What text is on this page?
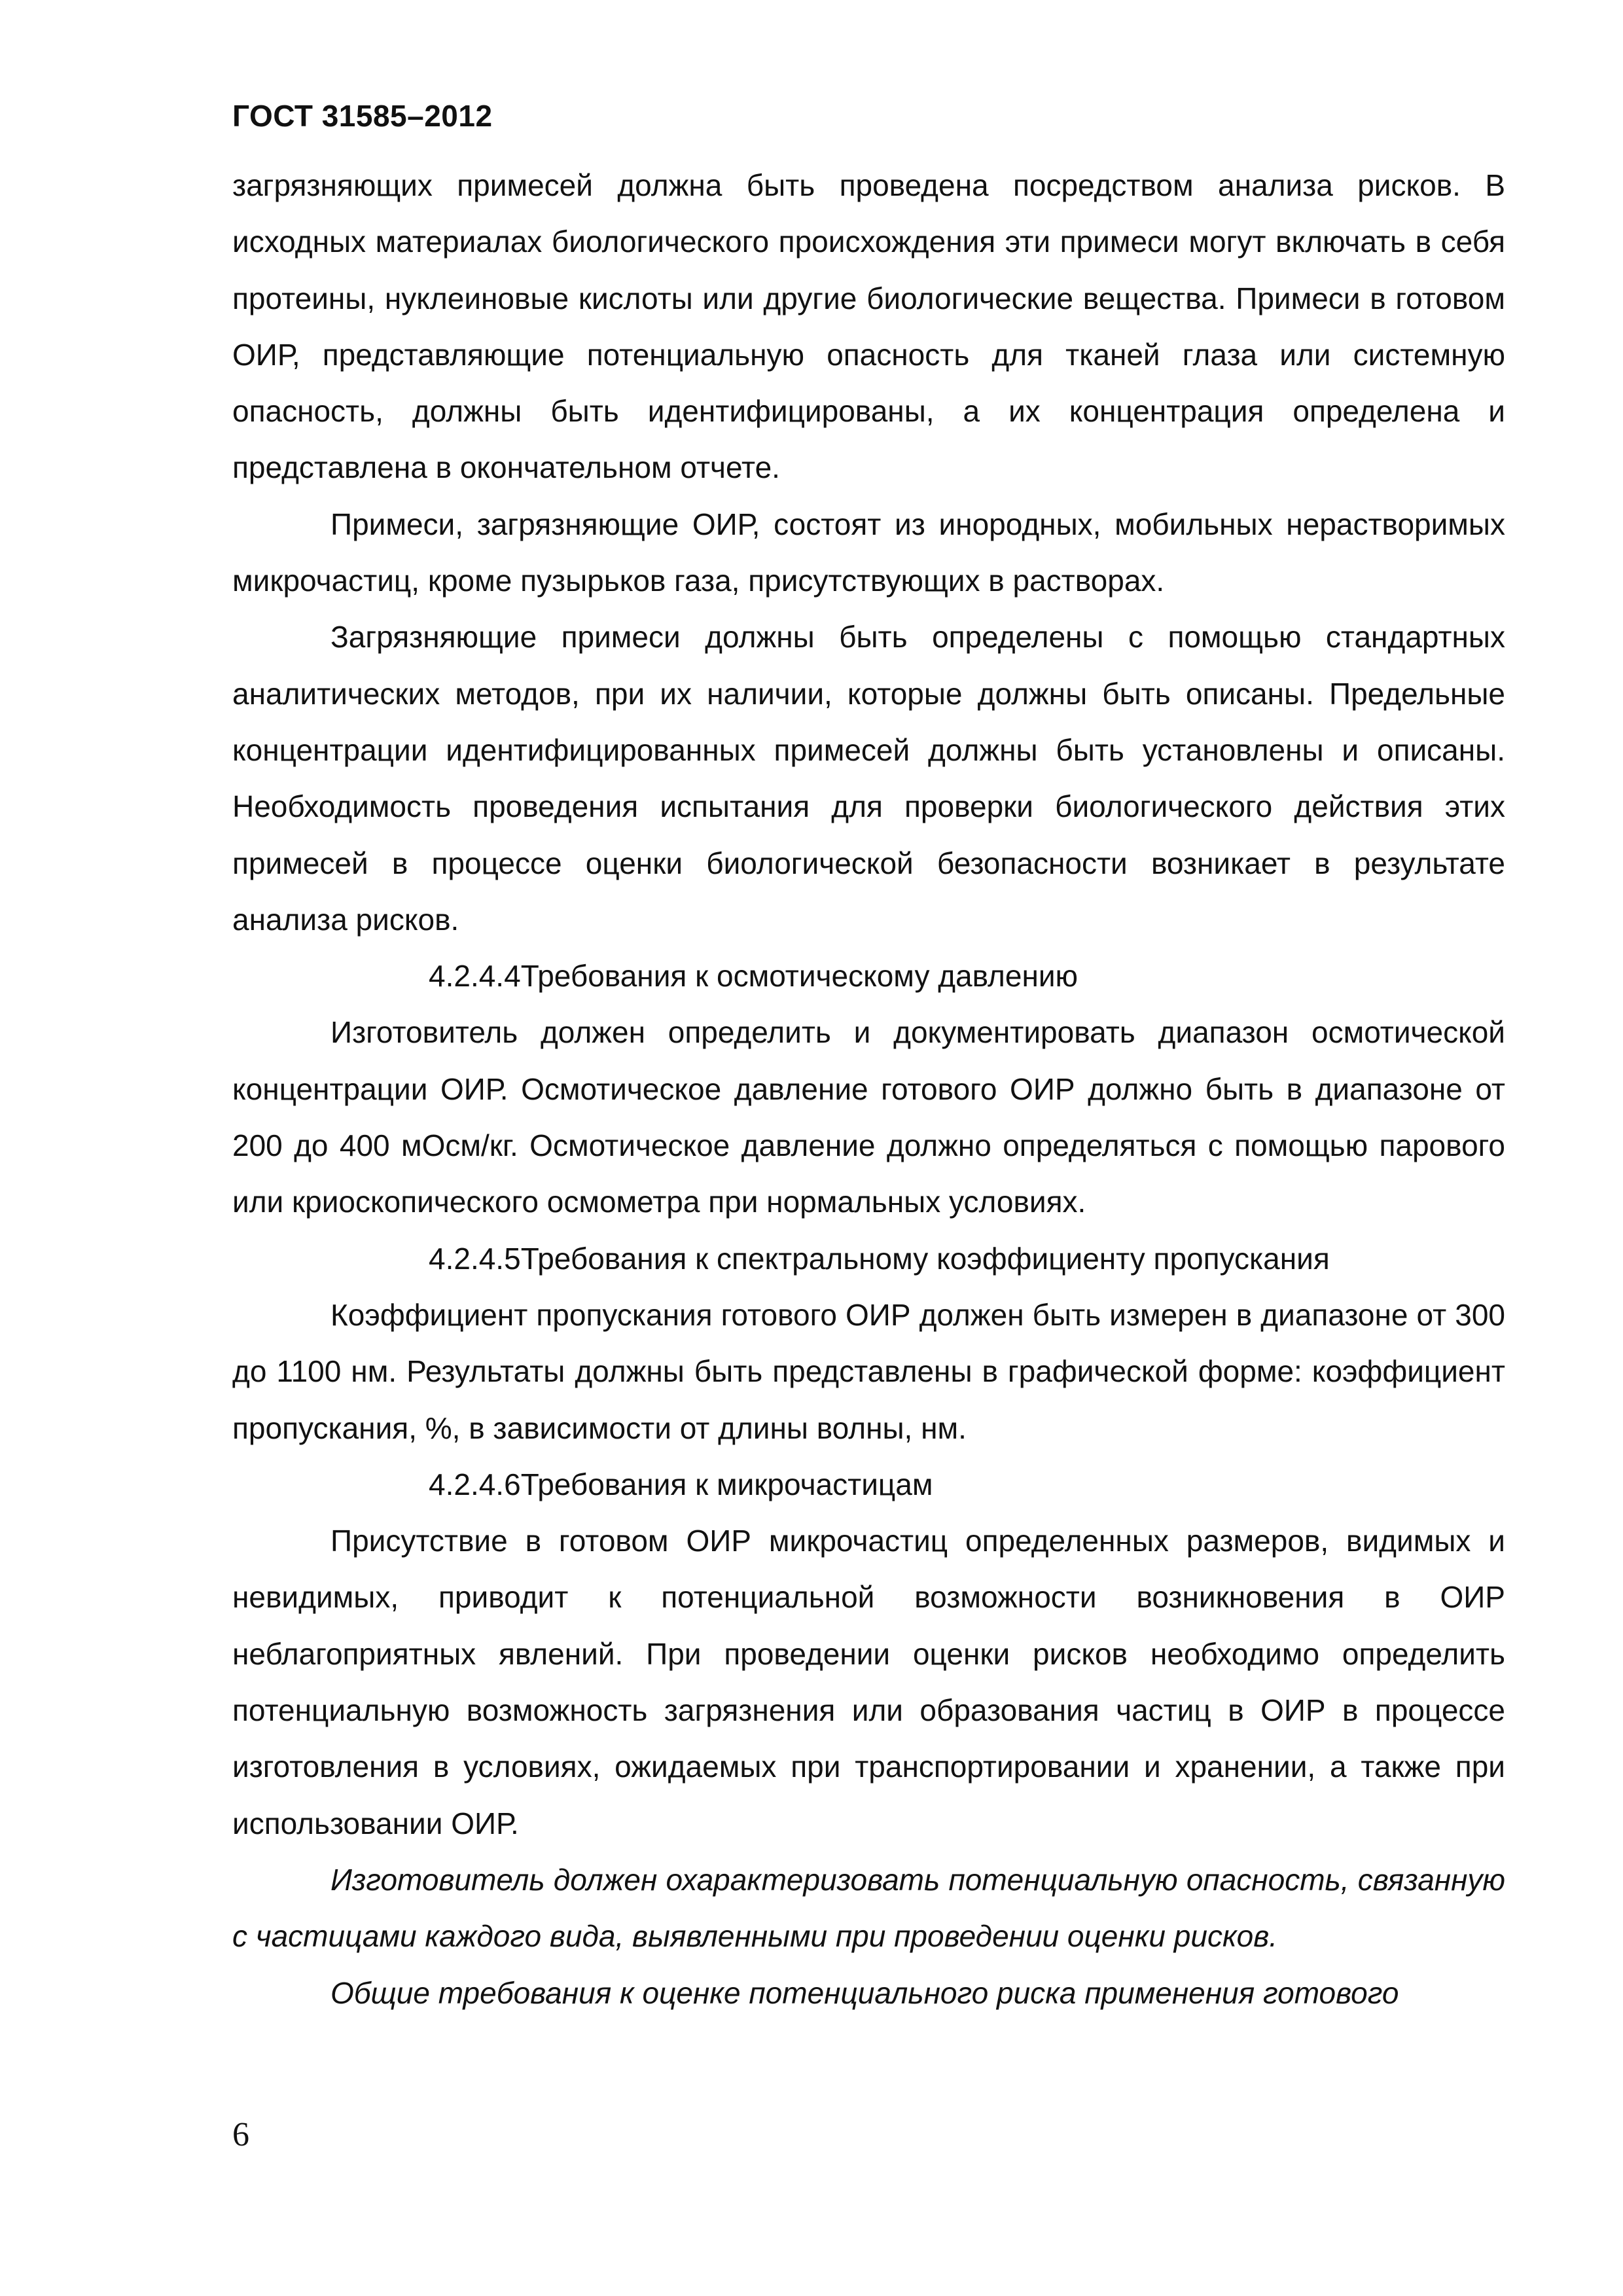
ГОСТ 31585–2012

загрязняющих примесей должна быть проведена посредством анализа рисков. В исходных материалах биологического происхождения эти примеси могут включать в себя протеины, нуклеиновые кислоты или другие биологические вещества. Примеси в готовом ОИР, представляющие потенциальную опасность для тканей глаза или системную опасность, должны быть идентифицированы, а их концентрация определена и представлена в окончательном отчете.

Примеси, загрязняющие ОИР, состоят из инородных, мобильных нерастворимых микрочастиц, кроме пузырьков газа, присутствующих в растворах.

Загрязняющие примеси должны быть определены с помощью стандартных аналитических методов, при их наличии, которые должны быть описаны. Предельные концентрации идентифицированных примесей должны быть установлены и описаны. Необходимость проведения испытания для проверки биологического действия этих примесей в процессе оценки биологической безопасности возникает в результате анализа рисков.

4.2.4.4Требования к осмотическому давлению

Изготовитель должен определить и документировать диапазон осмотической концентрации ОИР. Осмотическое давление готового ОИР должно быть в диапазоне от 200 до 400 мОсм/кг. Осмотическое давление должно определяться с помощью парового или криоскопического осмометра при нормальных условиях.

4.2.4.5Требования к спектральному коэффициенту пропускания

Коэффициент пропускания готового ОИР должен быть измерен в диапазоне от 300 до 1100 нм. Результаты должны быть представлены в графической форме: коэффициент пропускания, %, в зависимости от длины волны, нм.

4.2.4.6Требования к микрочастицам

Присутствие в готовом ОИР микрочастиц определенных размеров, видимых и невидимых, приводит к потенциальной возможности возникновения в ОИР неблагоприятных явлений. При проведении оценки рисков необходимо определить потенциальную возможность загрязнения или образования частиц в ОИР в процессе изготовления в условиях, ожидаемых при транспортировании и хранении, а также при использовании ОИР.

Изготовитель должен охарактеризовать потенциальную опасность, связанную с частицами каждого вида, выявленными при проведении оценки рисков.

Общие требования к оценке потенциального риска применения готового

6
